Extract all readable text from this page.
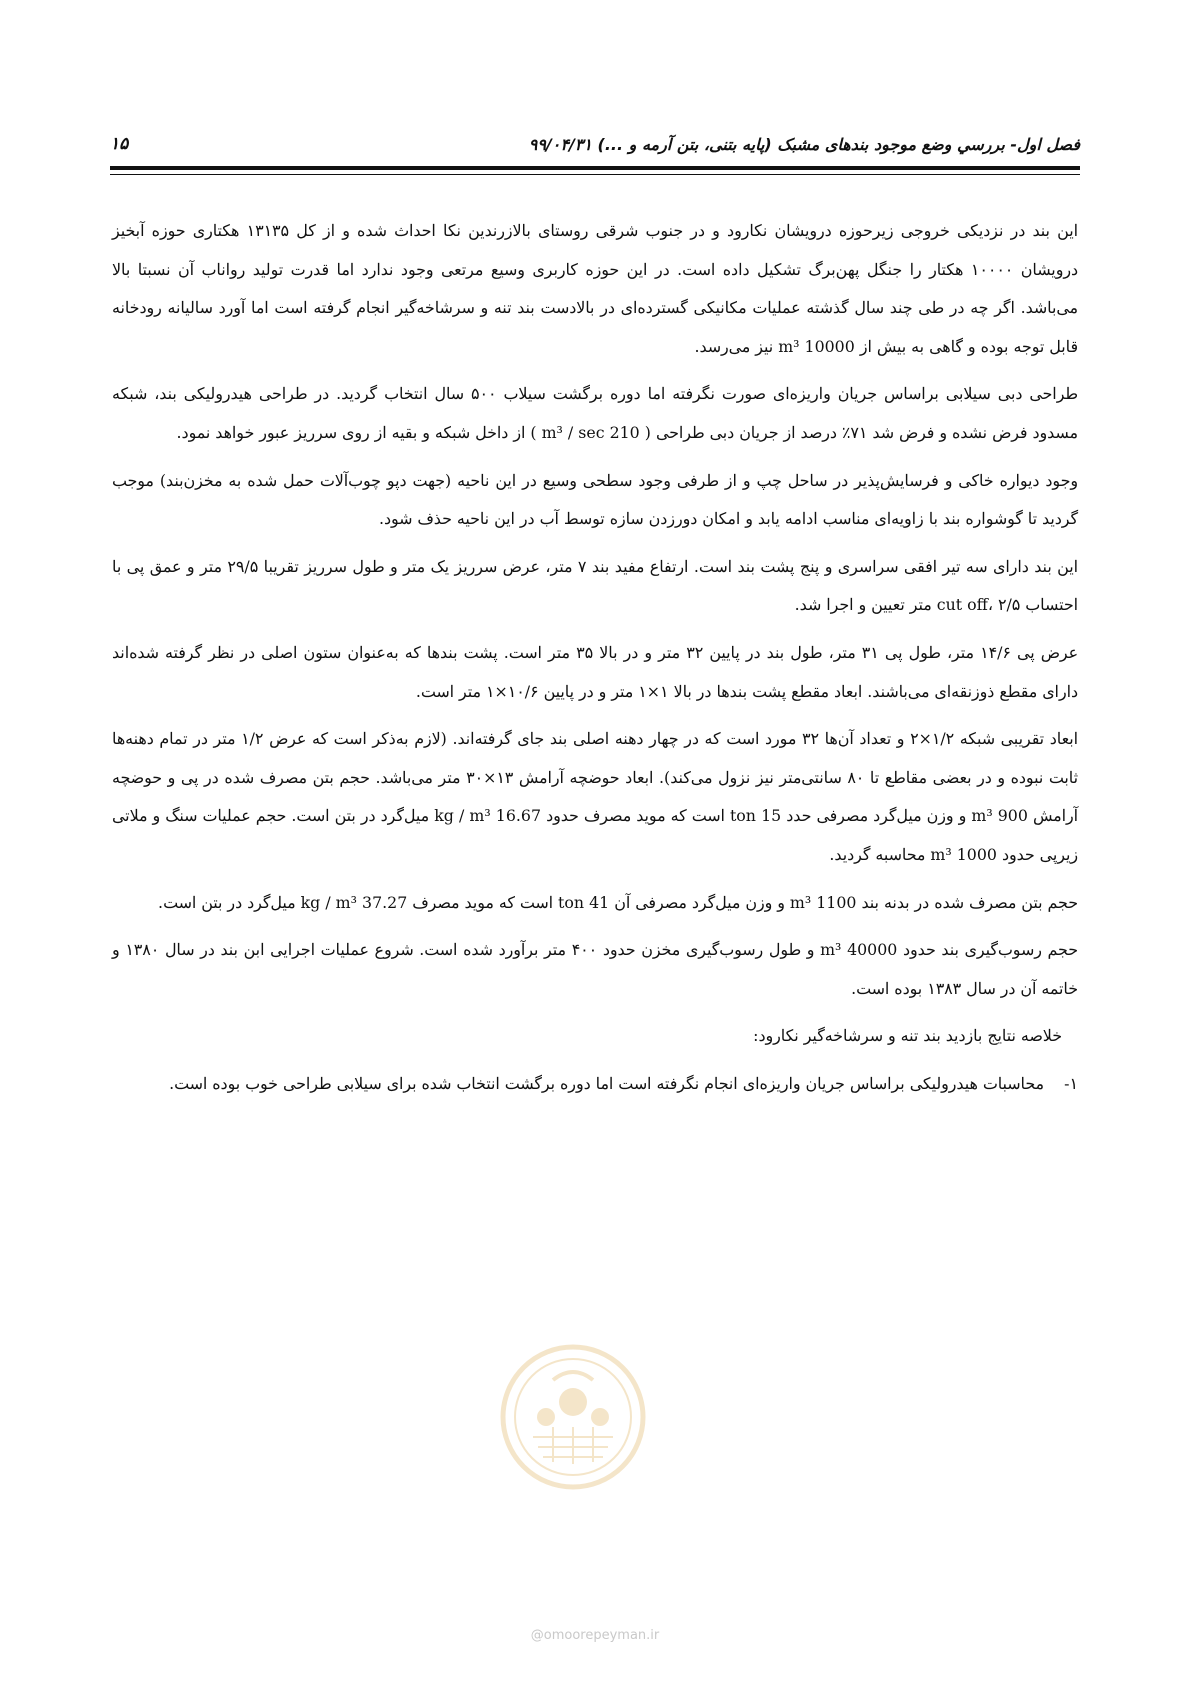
فصل اول- بررسي وضع موجود بندهای مشبک (پایه بتنی، بتن آرمه و ...) ۹۹/۰۴/۳۱
۱۵

این بند در نزدیکی خروجی زیرحوزه درویشان نکارود و در جنوب شرقی روستای بالازرندین نکا احداث شده و از کل ۱۳۱۳۵ هکتاری حوزه آبخیز درویشان ۱۰۰۰۰ هکتار را جنگل پهن‌برگ تشکیل داده است. در این حوزه کاربری وسیع مرتعی وجود ندارد اما قدرت تولید رواناب آن نسبتا بالا می‌باشد. اگر چه در طی چند سال گذشته عملیات مکانیکی گسترده‌ای در بالادست بند تنه و سرشاخه‌گیر انجام گرفته است اما آورد سالیانه رودخانه قابل توجه بوده و گاهی به بیش از 10000 m³ نیز می‌رسد.

طراحی دبی سیلابی براساس جریان واریزه‌ای صورت نگرفته اما دوره برگشت سیلاب ۵۰۰ سال انتخاب گردید. در طراحی هیدرولیکی بند، شبکه مسدود فرض نشده و فرض شد ۷۱٪ درصد از جریان دبی طراحی ( 210 m³ / sec ) از داخل شبکه و بقیه از روی سرریز عبور خواهد نمود.

وجود دیواره خاکی و فرسایش‌پذیر در ساحل چپ و از طرفی وجود سطحی وسیع در این ناحیه (جهت دپو چوب‌آلات حمل شده به مخزن‌بند) موجب گردید تا گوشواره بند با زاویه‌ای مناسب ادامه یابد و امکان دورزدن سازه توسط آب در این ناحیه حذف شود.

این بند دارای سه تیر افقی سراسری و پنج پشت بند است. ارتفاع مفید بند ۷ متر، عرض سرریز یک متر و طول سرریز تقریبا ۲۹/۵ متر و عمق پی با احتساب cut off، ۲/۵ متر تعیین و اجرا شد.

عرض پی ۱۴/۶ متر، طول پی ۳۱ متر، طول بند در پایین ۳۲ متر و در بالا ۳۵ متر است. پشت بندها که به‌عنوان ستون اصلی در نظر گرفته شده‌اند دارای مقطع ذوزنقه‌ای می‌باشند. ابعاد مقطع پشت بندها در بالا ۱×۱ متر و در پایین ۱۰/۶×۱ متر است.

ابعاد تقریبی شبکه ۱/۲×۲ و تعداد آن‌ها ۳۲ مورد است که در چهار دهنه اصلی بند جای گرفته‌اند. (لازم به‌ذکر است که عرض ۱/۲ متر در تمام دهنه‌ها ثابت نبوده و در بعضی مقاطع تا ۸۰ سانتی‌متر نیز نزول می‌کند). ابعاد حوضچه آرامش ۱۳×۳۰ متر می‌باشد. حجم بتن مصرف شده در پی و حوضچه آرامش 900 m³ و وزن میل‌گرد مصرفی حدد 15 ton است که موید مصرف حدود 16.67 kg / m³ میل‌گرد در بتن است. حجم عملیات سنگ و ملاتی زیرپی حدود 1000 m³ محاسبه گردید.

حجم بتن مصرف شده در بدنه بند 1100 m³ و وزن میل‌گرد مصرفی آن 41 ton است که موید مصرف 37.27 kg / m³ میل‌گرد در بتن است.

حجم رسوب‌گیری بند حدود 40000 m³ و طول رسوب‌گیری مخزن حدود ۴۰۰ متر برآورد شده است. شروع عملیات اجرایی ابن بند در سال ۱۳۸۰ و خاتمه آن در سال ۱۳۸۳ بوده است.

خلاصه نتایج بازدید بند تنه و سرشاخه‌گیر نکارود:

۱-
محاسبات هیدرولیکی براساس جریان واریزه‌ای انجام نگرفته است اما دوره برگشت انتخاب شده برای سیلابی طراحی خوب بوده است.
@omoorepeyman.ir
